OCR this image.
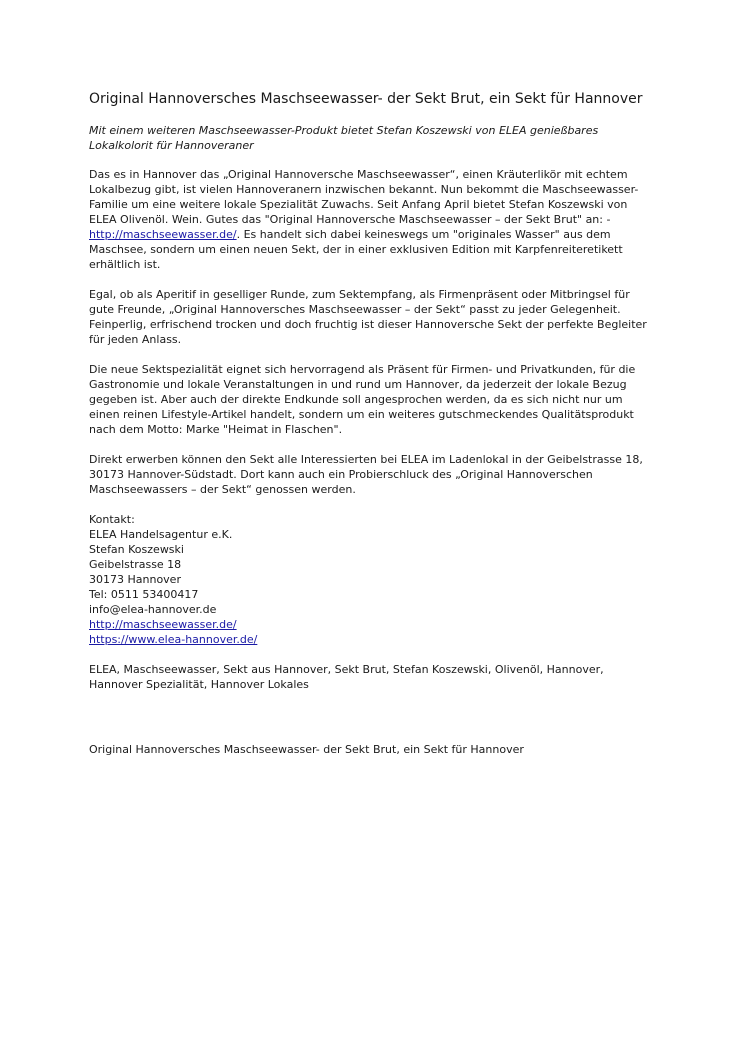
Original Hannoversches Maschseewasser- der Sekt Brut, ein Sekt für Hannover

Mit einem weiteren Maschseewasser-Produkt bietet Stefan Koszewski von ELEA genießbares Lokalkolorit für Hannoveraner

Das es in Hannover das „Original Hannoversche Maschseewasser“, einen Kräuterlikör mit echtem Lokalbezug gibt, ist vielen Hannoveranern inzwischen bekannt. Nun bekommt die Maschseewasser-Familie um eine weitere lokale Spezialität Zuwachs. Seit Anfang April bietet Stefan Koszewski von ELEA Olivenöl. Wein. Gutes das "Original Hannoversche Maschseewasser – der Sekt Brut" an: -
http://maschseewasser.de/. Es handelt sich dabei keineswegs um "originales Wasser" aus dem Maschsee, sondern um einen neuen Sekt, der in einer exklusiven Edition mit Karpfenreiteretikett erhältlich ist.

Egal, ob als Aperitif in geselliger Runde, zum Sektempfang, als Firmenpräsent oder Mitbringsel für gute Freunde, „Original Hannoversches Maschseewasser – der Sekt“ passt zu jeder Gelegenheit. Feinperlig, erfrischend trocken und doch fruchtig ist dieser Hannoversche Sekt der perfekte Begleiter für jeden Anlass.

Die neue Sektspezialität eignet sich hervorragend als Präsent für Firmen- und Privatkunden, für die Gastronomie und lokale Veranstaltungen in und rund um Hannover, da jederzeit der lokale Bezug gegeben ist. Aber auch der direkte Endkunde soll angesprochen werden, da es sich nicht nur um einen reinen Lifestyle-Artikel handelt, sondern um ein weiteres gutschmeckendes Qualitätsprodukt nach dem Motto: Marke "Heimat in Flaschen".

Direkt erwerben können den Sekt alle Interessierten bei ELEA im Ladenlokal in der Geibelstrasse 18, 30173 Hannover-Südstadt. Dort kann auch ein Probierschluck des „Original Hannoverschen Maschseewassers – der Sekt“ genossen werden.

Kontakt:
ELEA Handelsagentur e.K.
Stefan Koszewski
Geibelstrasse 18
30173 Hannover
Tel: 0511 53400417
info@elea-hannover.de
http://maschseewasser.de/
https://www.elea-hannover.de/

ELEA, Maschseewasser, Sekt aus Hannover, Sekt Brut, Stefan Koszewski, Olivenöl, Hannover, Hannover Spezialität, Hannover Lokales

Original Hannoversches Maschseewasser- der Sekt Brut, ein Sekt für Hannover
